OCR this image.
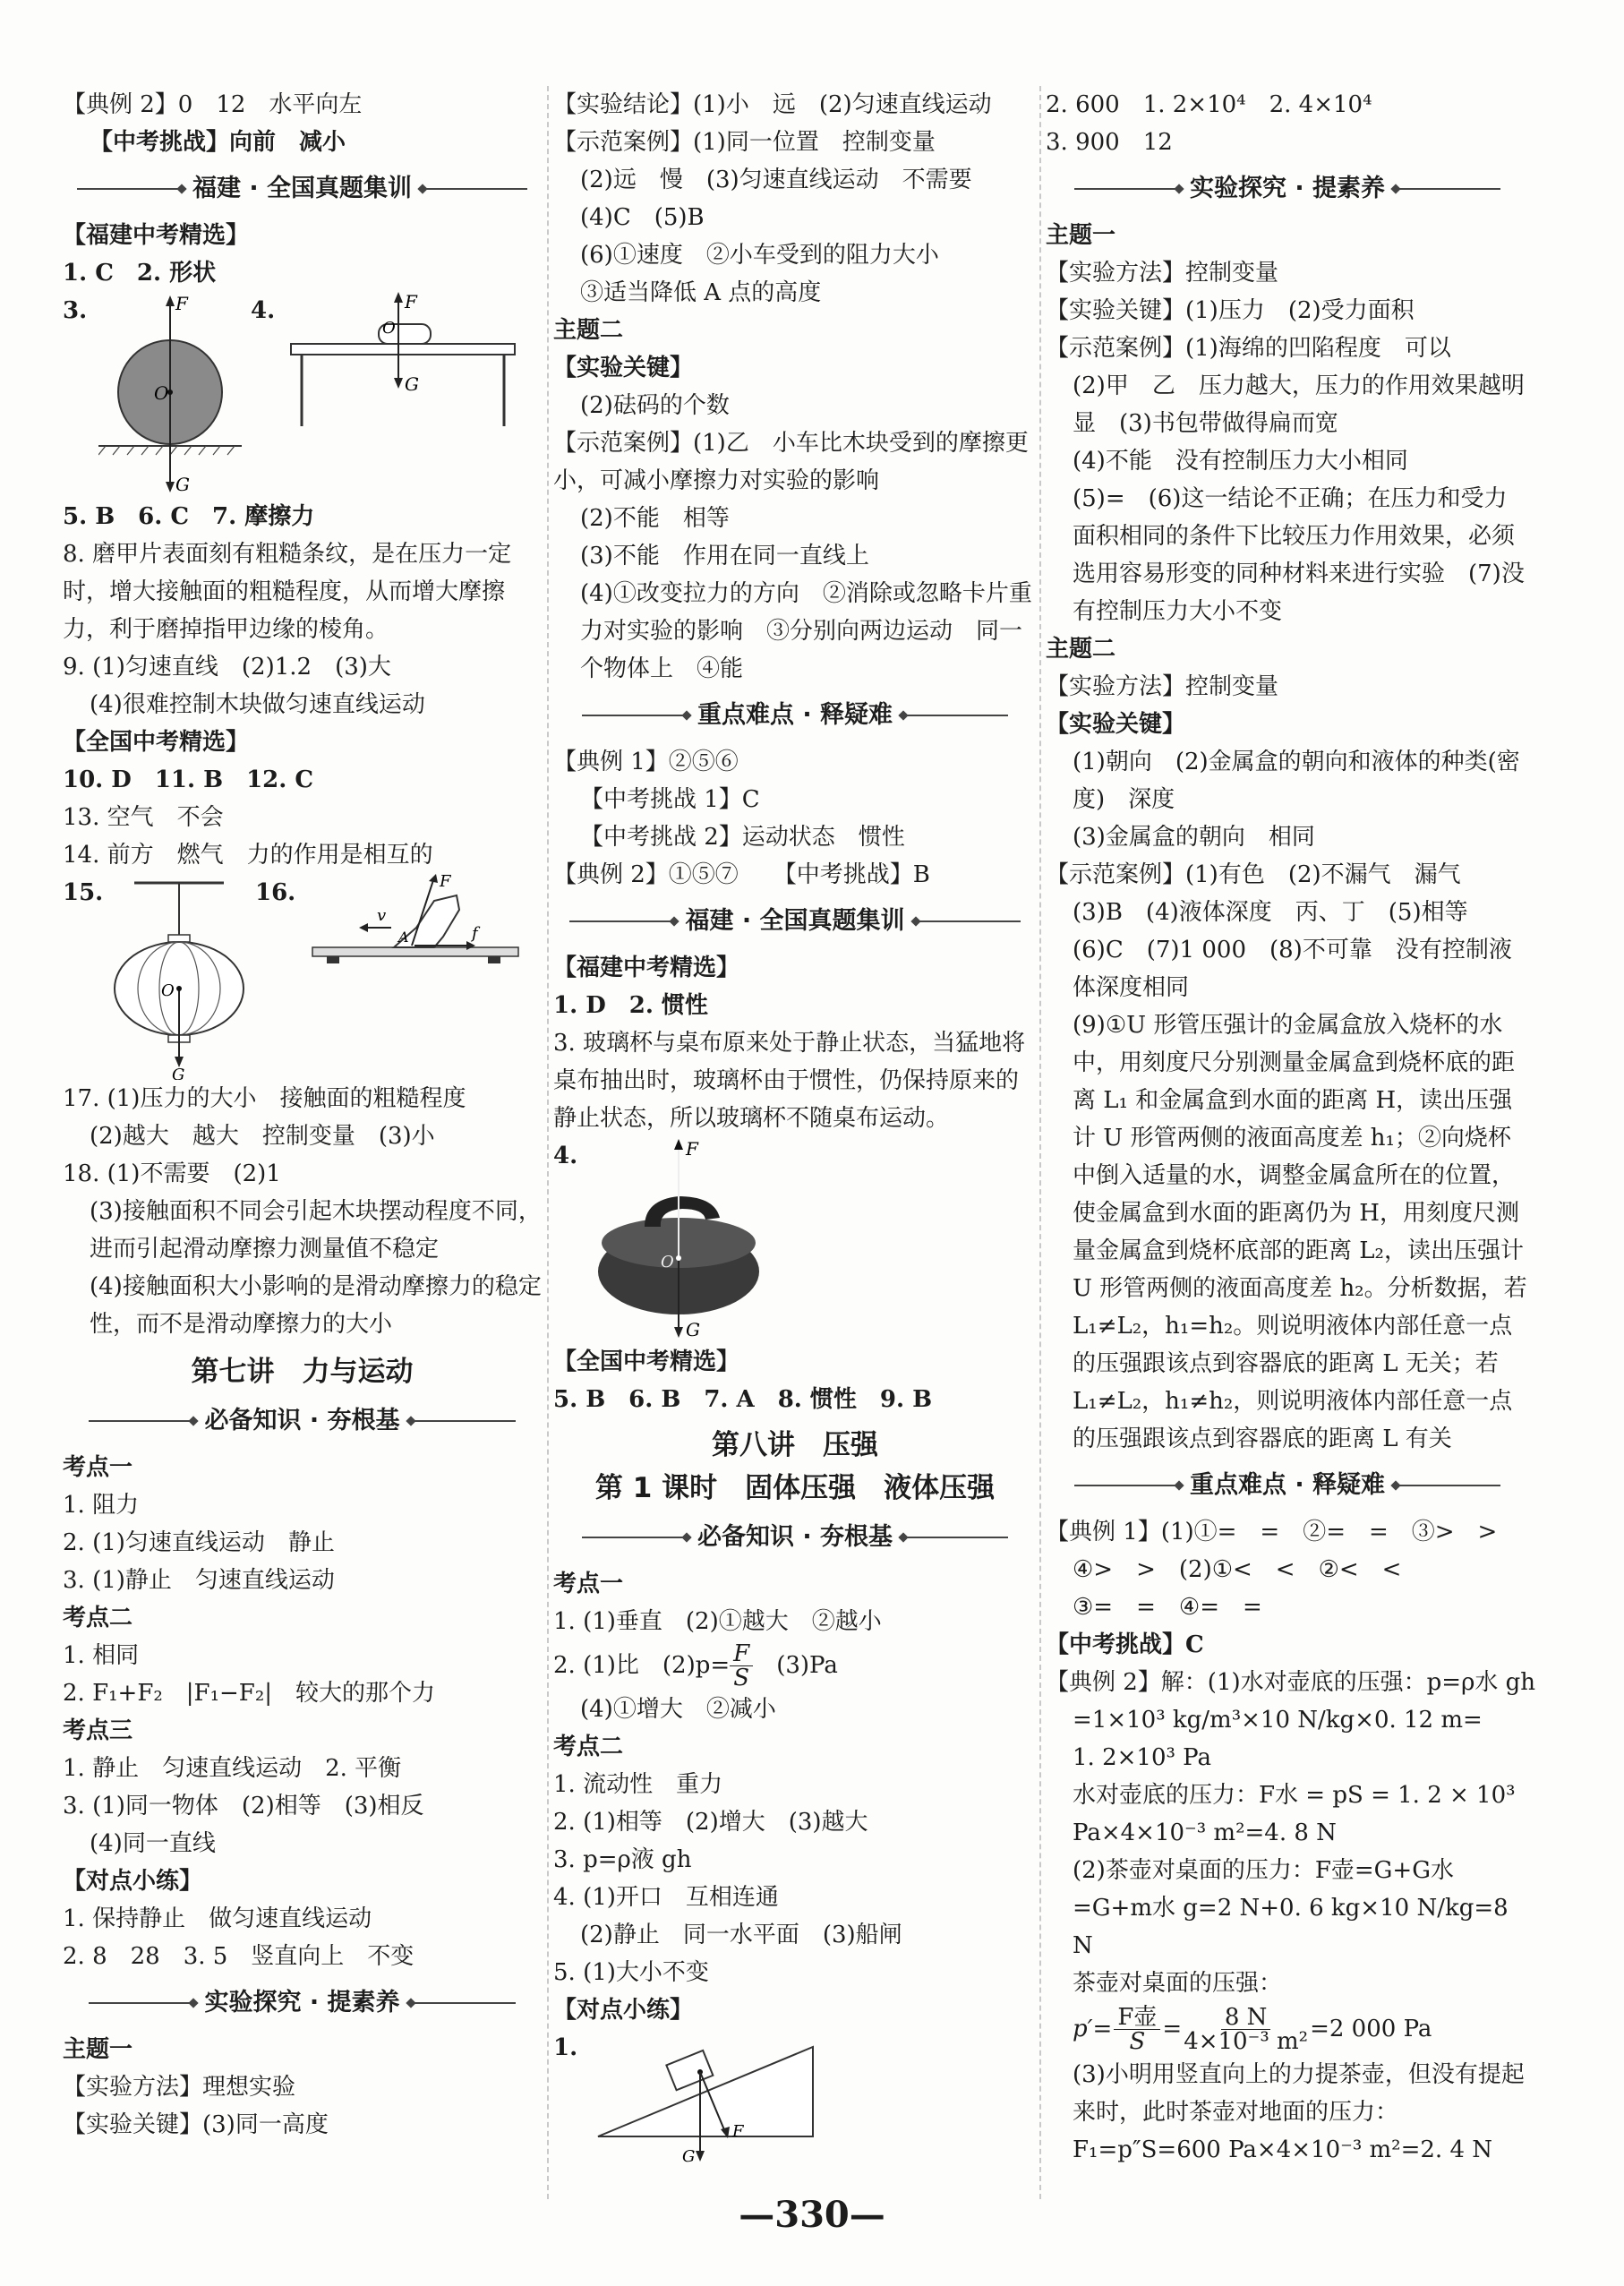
【典例 2】0　12　水平向左
【中考挑战】向前　减小
福建 · 全国真题集训
【福建中考精选】
1. C　2. 形状
3.	F
O
G
4.	F
O
G
5. B　6. C　7. 摩擦力
8. 磨甲片表面刻有粗糙条纹，是在压力一定时，增大接触面的粗糙程度，从而增大摩擦力，利于磨掉指甲边缘的棱角。
9. (1)匀速直线　(2)1.2　(3)大
(4)很难控制木块做匀速直线运动
【全国中考精选】
10. D　11. B　12. C
13. 空气　不会
14. 前方　燃气　力的作用是相互的
15.
O
G
16.
v
F
A	f
17. (1)压力的大小　接触面的粗糙程度
(2)越大　越大　控制变量　(3)小
18. (1)不需要　(2)1
(3)接触面积不同会引起木块摆动程度不同，进而引起滑动摩擦力测量值不稳定
(4)接触面积大小影响的是滑动摩擦力的稳定性，而不是滑动摩擦力的大小
第七讲　力与运动
必备知识 · 夯根基
考点一
1. 阻力
2. (1)匀速直线运动　静止
3. (1)静止　匀速直线运动
考点二
1. 相同
2. F₁+F₂　|F₁−F₂|　较大的那个力
考点三
1. 静止　匀速直线运动　2. 平衡
3. (1)同一物体　(2)相等　(3)相反
(4)同一直线
【对点小练】
1. 保持静止　做匀速直线运动
2. 8　28　3. 5　竖直向上　不变
实验探究 · 提素养
主题一
【实验方法】理想实验
【实验关键】(3)同一高度
【实验结论】(1)小　远　(2)匀速直线运动
【示范案例】(1)同一位置　控制变量
(2)远　慢　(3)匀速直线运动　不需要
(4)C　(5)B
(6)①速度　②小车受到的阻力大小
③适当降低 A 点的高度
主题二
【实验关键】
(2)砝码的个数
【示范案例】(1)乙　小车比木块受到的摩擦更小，可减小摩擦力对实验的影响
(2)不能　相等
(3)不能　作用在同一直线上
(4)①改变拉力的方向　②消除或忽略卡片重力对实验的影响　③分别向两边运动　同一个物体上　④能
重点难点 · 释疑难
【典例 1】②⑤⑥
【中考挑战 1】C
【中考挑战 2】运动状态　惯性
【典例 2】①⑤⑦　　【中考挑战】B
福建 · 全国真题集训
【福建中考精选】
1. D　2. 惯性
3. 玻璃杯与桌布原来处于静止状态，当猛地将桌布抽出时，玻璃杯由于惯性，仍保持原来的静止状态，所以玻璃杯不随桌布运动。
4.	F
O
G
【全国中考精选】
5. B　6. B　7. A　8. 惯性　9. B
第八讲　压强
第 1 课时　固体压强　液体压强
必备知识 · 夯根基
考点一
1. (1)垂直　(2)①越大　②越小
2. (1)比　$(2)p= \frac{F}{S}$ 　(3)Pa
(4)①增大　②减小
考点二
1. 流动性　重力
2. (1)相等　(2)增大　(3)越大
3. p=ρ液 gh
4. (1)开口　互相连通
(2)静止　同一水平面　(3)船闸
5. (1)大小不变
【对点小练】
1.
F
G
2. 600　1. 2×10⁴　2. 4×10⁴
3. 900　12
实验探究 · 提素养
主题一
【实验方法】控制变量
【实验关键】(1)压力　(2)受力面积
【示范案例】(1)海绵的凹陷程度　可以
(2)甲　乙　压力越大，压力的作用效果越明显　(3)书包带做得扁而宽
(4)不能　没有控制压力大小相同
(5)=　(6)这一结论不正确；在压力和受力面积相同的条件下比较压力作用效果，必须选用容易形变的同种材料来进行实验　(7)没有控制压力大小不变
主题二
【实验方法】控制变量
【实验关键】
(1)朝向　(2)金属盒的朝向和液体的种类(密度)　深度
(3)金属盒的朝向　相同
【示范案例】(1)有色　(2)不漏气　漏气
(3)B　(4)液体深度　丙、丁　(5)相等
(6)C　(7)1 000　(8)不可靠　没有控制液体深度相同
(9)①U 形管压强计的金属盒放入烧杯的水中，用刻度尺分别测量金属盒到烧杯底的距离 L₁ 和金属盒到水面的距离 H，读出压强计 U 形管两侧的液面高度差 h₁；②向烧杯中倒入适量的水，调整金属盒所在的位置，使金属盒到水面的距离仍为 H，用刻度尺测量金属盒到烧杯底部的距离 L₂，读出压强计 U 形管两侧的液面高度差 h₂。分析数据，若 L₁≠L₂，h₁=h₂。则说明液体内部任意一点的压强跟该点到容器底的距离 L 无关；若 L₁≠L₂，h₁≠h₂，则说明液体内部任意一点的压强跟该点到容器底的距离 L 有关
重点难点 · 释疑难
【典例 1】(1)①=　=　②=　=　③>　>
④>　>　(2)①<　<　②<　<
③=　=　④=　=
【中考挑战】C
【典例 2】解：(1)水对壶底的压强：p=ρ水 gh
=1×10³ kg/m³×10 N/kg×0. 12 m=
1. 2×10³ Pa
水对壶底的压力：F水 = pS = 1. 2 × 10³ Pa×4×10⁻³ m²=4. 8 N
(2)茶壶对桌面的压力：F壶=G+G水=G+m水 g=2 N+0. 6 kg×10 N/kg=8 N
茶壶对桌面的压强：
p′= F壶
$S = \frac{8 N}{\text{4×10⁻³ m²}} =2$ 000 Pa
(3)小明用竖直向上的力提茶壶，但没有提起来时，此时茶壶对地面的压力：F₁=p″S=600 Pa×4×10⁻³ m²=2. 4 N
—330—
